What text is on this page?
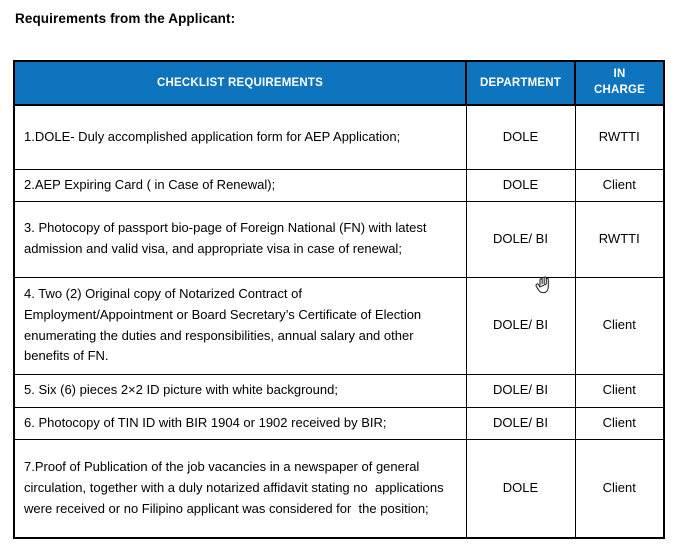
Requirements from the Applicant:
CHECKLIST REQUIREMENTS	DEPARTMENT	IN CHARGE
1.DOLE- Duly accomplished application form for AEP Application;	DOLE	RWTTI
2.AEP Expiring Card ( in Case of Renewal);	DOLE	Client
3. Photocopy of passport bio-page of Foreign National (FN) with latest  admission and valid visa, and appropriate visa in case of renewal;	DOLE/ BI	RWTTI
4. Two (2) Original copy of Notarized Contract of Employment/Appointment or Board Secretary’s Certificate of Election  enumerating the duties and responsibilities, annual salary and other  benefits of FN.	DOLE/ BI	Client
5. Six (6) pieces 2×2 ID picture with white background;	DOLE/ BI	Client
6. Photocopy of TIN ID with BIR 1904 or 1902 received by BIR;	DOLE/ BI	Client
7.Proof of Publication of the job vacancies in a newspaper of general  circulation, together with a duly notarized affidavit stating no  applications were received or no Filipino applicant was considered for  the position;	DOLE	Client
